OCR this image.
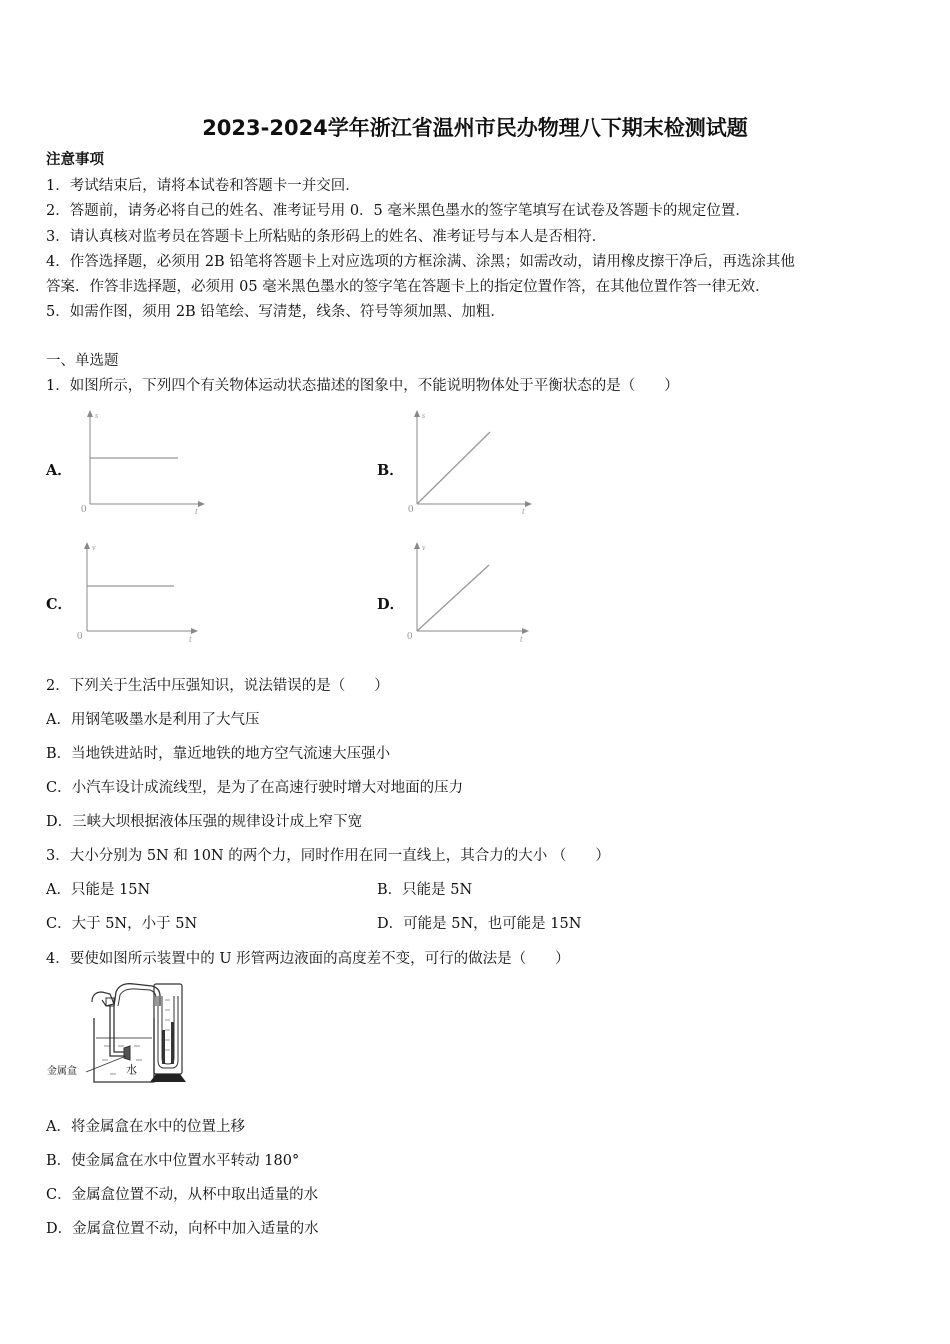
2023-2024学年浙江省温州市民办物理八下期末检测试题
注意事项
1．考试结束后，请将本试卷和答题卡一并交回．
2．答题前，请务必将自己的姓名、准考证号用 0．5 毫米黑色墨水的签字笔填写在试卷及答题卡的规定位置．
3．请认真核对监考员在答题卡上所粘贴的条形码上的姓名、准考证号与本人是否相符．
4．作答选择题，必须用 2B 铅笔将答题卡上对应选项的方框涂满、涂黑；如需改动，请用橡皮擦干净后，再选涂其他
答案．作答非选择题，必须用 05 毫米黑色墨水的签字笔在答题卡上的指定位置作答，在其他位置作答一律无效．
5．如需作图，须用 2B 铅笔绘、写清楚，线条、符号等须加黑、加粗．
一、单选题
1．如图所示，下列四个有关物体运动状态描述的图象中，不能说明物体处于平衡状态的是（　　）
A．
s
t
0
B．
s
t
0
C．
v
t
0
D．
v
t
0
2．下列关于生活中压强知识，说法错误的是（　　）
A．用钢笔吸墨水是利用了大气压
B．当地铁进站时，靠近地铁的地方空气流速大压强小
C．小汽车设计成流线型，是为了在高速行驶时增大对地面的压力
D．三峡大坝根据液体压强的规律设计成上窄下宽
3．大小分别为 5N 和 10N 的两个力，同时作用在同一直线上，其合力的大小 （　　）
A．只能是 15N	B．只能是 5N
C．大于 5N，小于 5N	D．可能是 5N，也可能是 15N
4．要使如图所示装置中的 U 形管两边液面的高度差不变，可行的做法是（　　）
金属盒	水
A．将金属盒在水中的位置上移
B．使金属盒在水中位置水平转动 180°
C．金属盒位置不动，从杯中取出适量的水
D．金属盒位置不动，向杯中加入适量的水
